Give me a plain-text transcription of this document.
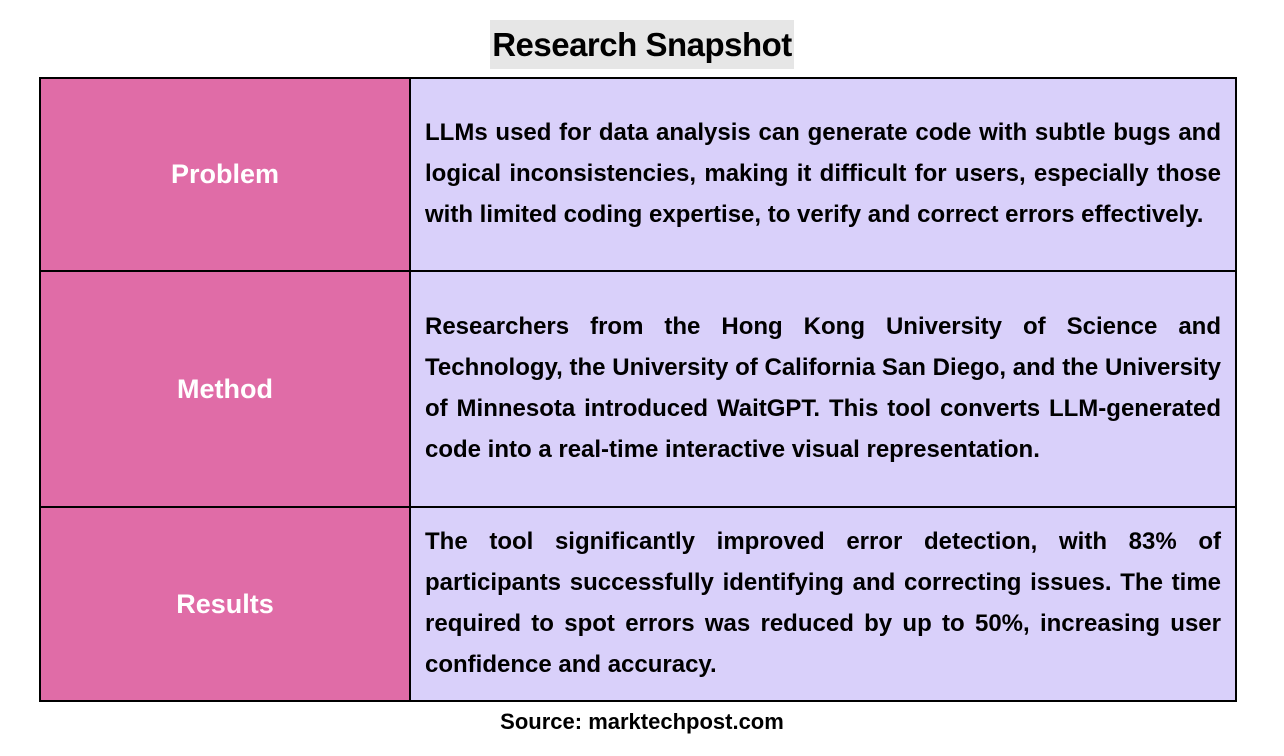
Research Snapshot
Problem	LLMs used for data analysis can generate code with subtle bugs and logical inconsistencies, making it difficult for users, especially those with limited coding expertise, to verify and correct errors effectively.
Method	Researchers from the Hong Kong University of Science and Technology, the University of California San Diego, and the University of Minnesota introduced WaitGPT. This tool converts LLM-generated code into a real-time interactive visual representation.
Results	The tool significantly improved error detection, with 83% of participants successfully identifying and correcting issues. The time required to spot errors was reduced by up to 50%, increasing user confidence and accuracy.
Source: marktechpost.com
